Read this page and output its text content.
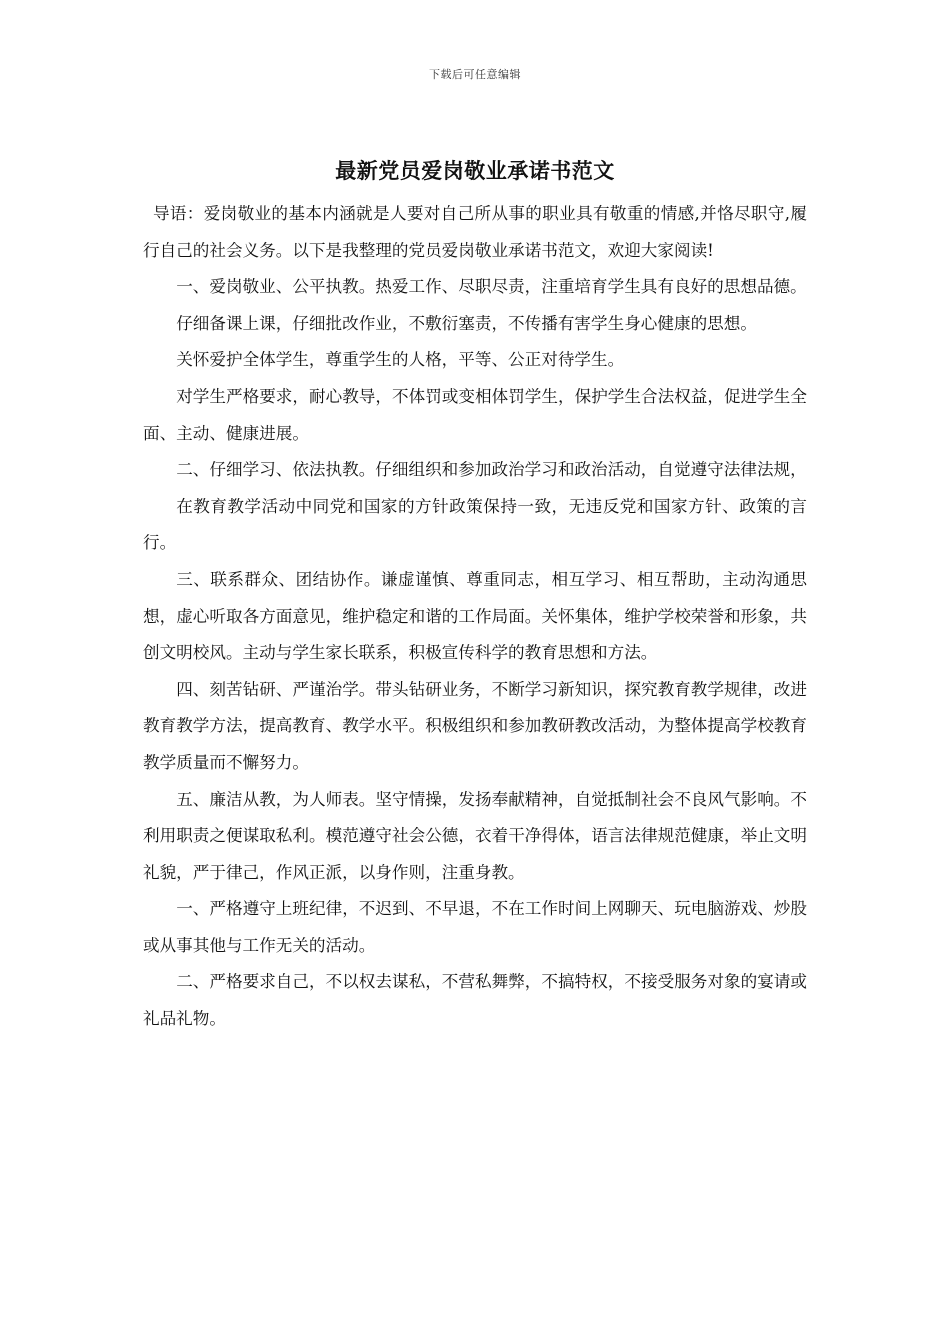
下载后可任意编辑
最新党员爱岗敬业承诺书范文

导语：爱岗敬业的基本内涵就是人要对自己所从事的职业具有敬重的情感,并恪尽职守,履行自己的社会义务。以下是我整理的党员爱岗敬业承诺书范文，欢迎大家阅读!

一、爱岗敬业、公平执教。热爱工作、尽职尽责，注重培育学生具有良好的思想品德。

仔细备课上课，仔细批改作业，不敷衍塞责，不传播有害学生身心健康的思想。

关怀爱护全体学生，尊重学生的人格，平等、公正对待学生。

对学生严格要求，耐心教导，不体罚或变相体罚学生，保护学生合法权益，促进学生全面、主动、健康进展。

二、仔细学习、依法执教。仔细组织和参加政治学习和政治活动，自觉遵守法律法规，

在教育教学活动中同党和国家的方针政策保持一致，无违反党和国家方针、政策的言行。

三、联系群众、团结协作。谦虚谨慎、尊重同志，相互学习、相互帮助，主动沟通思想，虚心听取各方面意见，维护稳定和谐的工作局面。关怀集体，维护学校荣誉和形象，共创文明校风。主动与学生家长联系，积极宣传科学的教育思想和方法。

四、刻苦钻研、严谨治学。带头钻研业务，不断学习新知识，探究教育教学规律，改进教育教学方法，提高教育、教学水平。积极组织和参加教研教改活动，为整体提高学校教育教学质量而不懈努力。

五、廉洁从教，为人师表。坚守情操，发扬奉献精神，自觉抵制社会不良风气影响。不利用职责之便谋取私利。模范遵守社会公德，衣着干净得体，语言法律规范健康，举止文明礼貌，严于律己，作风正派，以身作则，注重身教。

一、严格遵守上班纪律，不迟到、不早退，不在工作时间上网聊天、玩电脑游戏、炒股或从事其他与工作无关的活动。

二、严格要求自己，不以权去谋私，不营私舞弊，不搞特权，不接受服务对象的宴请或礼品礼物。
